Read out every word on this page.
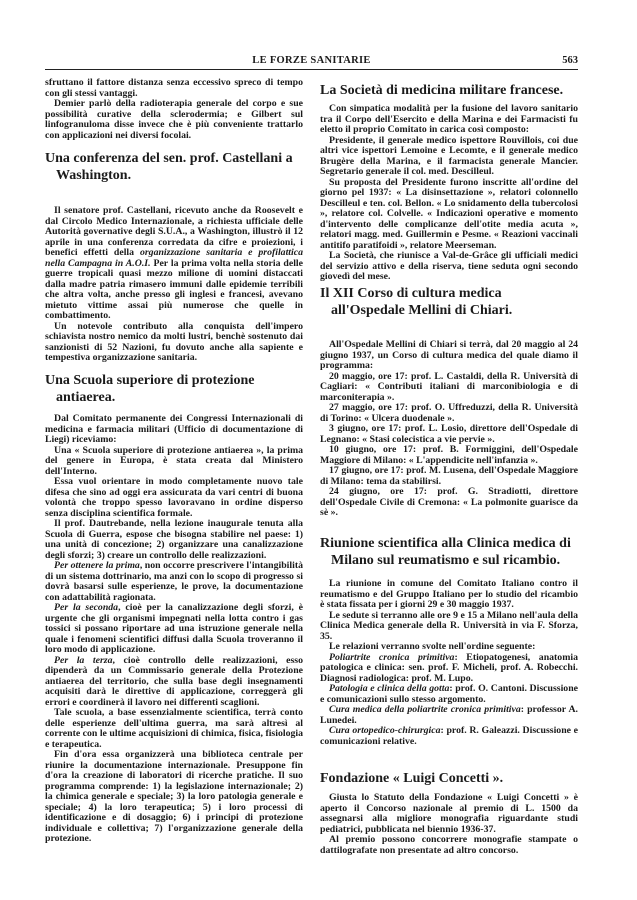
LE FORZE SANITARIE	563

sfruttano il fattore distanza senza eccessivo spreco di tempo con gli stessi vantaggi.

Demier parlò della radioterapia generale del corpo e sue possibilità curative della sclerodermia; e Gilbert sul linfogranuloma disse invece che è più conveniente trattarlo con applicazioni nei diversi focolai.

Una conferenza del sen. prof. Castellani a Washington.

Il senatore prof. Castellani, ricevuto anche da Roosevelt e dal Circolo Medico Internazionale, a richiesta ufficiale delle Autorità governative degli S.U.A., a Washington, illustrò il 12 aprile in una conferenza corredata da cifre e proiezioni, i benefici effetti della organizzazione sanitaria e profilattica nella Campagna in A.O.I. Per la prima volta nella storia delle guerre tropicali quasi mezzo milione di uomini distaccati dalla madre patria rimasero immuni dalle epidemie terribili che altra volta, anche presso gli inglesi e francesi, avevano mietuto vittime assai più numerose che quelle in combattimento.

Un notevole contributo alla conquista dell'impero schiavista nostro nemico da molti lustri, benchè sostenuto dai sanzionisti di 52 Nazioni, fu dovuto anche alla sapiente e tempestiva organizzazione sanitaria.

Una Scuola superiore di protezione antiaerea.

Dal Comitato permanente dei Congressi Internazionali di medicina e farmacia militari (Ufficio di documentazione di Liegi) riceviamo:

Una « Scuola superiore di protezione antiaerea », la prima del genere in Europa, è stata creata dal Ministero dell'Interno.

Essa vuol orientare in modo completamente nuovo tale difesa che sino ad oggi era assicurata da vari centri di buona volontà che troppo spesso lavoravano in ordine disperso senza disciplina scientifica formale.

Il prof. Dautrebande, nella lezione inaugurale tenuta alla Scuola di Guerra, espose che bisogna stabilire nel paese: 1) una unità di concezione; 2) organizzare una canalizzazione degli sforzi; 3) creare un controllo delle realizzazioni.

Per ottenere la prima, non occorre prescrivere l'intangibilità di un sistema dottrinario, ma anzi con lo scopo di progresso si dovrà basarsi sulle esperienze, le prove, la documentazione con adattabilità ragionata.

Per la seconda, cioè per la canalizzazione degli sforzi, è urgente che gli organismi impegnati nella lotta contro i gas tossici si possano riportare ad una istruzione generale nella quale i fenomeni scientifici diffusi dalla Scuola troveranno il loro modo di applicazione.

Per la terza, cioè controllo delle realizzazioni, esso dipenderà da un Commissario generale della Protezione antiaerea del territorio, che sulla base degli insegnamenti acquisiti darà le direttive di applicazione, correggerà gli errori e coordinerà il lavoro nei differenti scaglioni.

Tale scuola, a base essenzialmente scientifica, terrà conto delle esperienze dell'ultima guerra, ma sarà altresì al corrente con le ultime acquisizioni di chimica, fisica, fisiologia e terapeutica.

Fin d'ora essa organizzerà una biblioteca centrale per riunire la documentazione internazionale. Presuppone fin d'ora la creazione di laboratori di ricerche pratiche. Il suo programma comprende: 1) la legislazione internazionale; 2) la chimica generale e speciale; 3) la loro patologia generale e speciale; 4) la loro terapeutica; 5) i loro processi di identificazione e di dosaggio; 6) i principi di protezione individuale e collettiva; 7) l'organizzazione generale della protezione.

La Società di medicina militare francese.

Con simpatica modalità per la fusione del lavoro sanitario tra il Corpo dell'Esercito e della Marina e dei Farmacisti fu eletto il proprio Comitato in carica così composto:

Presidente, il generale medico ispettore Rouvillois, coi due altri vice ispettori Lemoine e Lecomte, e il generale medico Brugère della Marina, e il farmacista generale Mancier. Segretario generale il col. med. Descilleul.

Su proposta del Presidente furono inscritte all'ordine del giorno pel 1937: « La disinsettazione », relatori colonnello Descilleul e ten. col. Bellon. « Lo snidamento della tubercolosi », relatore col. Colvelle. « Indicazioni operative e momento d'intervento delle complicanze dell'otite media acuta », relatori magg. med. Guillermin e Pesme. « Reazioni vaccinali antitifo paratifoidi », relatore Meerseman.

La Società, che riunisce a Val-de-Grâce gli ufficiali medici del servizio attivo e della riserva, tiene seduta ogni secondo giovedì del mese.

Il XII Corso di cultura medica all'Ospedale Mellini di Chiari.

All'Ospedale Mellini di Chiari si terrà, dal 20 maggio al 24 giugno 1937, un Corso di cultura medica del quale diamo il programma:

20 maggio, ore 17: prof. L. Castaldi, della R. Università di Cagliari: « Contributi italiani di marconibiologia e di marconiterapia ».

27 maggio, ore 17: prof. O. Uffreduzzi, della R. Università di Torino: « Ulcera duodenale ».

3 giugno, ore 17: prof. L. Losio, direttore dell'Ospedale di Legnano: « Stasi colecistica a vie pervie ».

10 giugno, ore 17: prof. B. Formiggini, dell'Ospedale Maggiore di Milano: « L'appendicite nell'infanzia ».

17 giugno, ore 17: prof. M. Lusena, dell'Ospedale Maggiore di Milano: tema da stabilirsi.

24 giugno, ore 17: prof. G. Stradiotti, direttore dell'Ospedale Civile di Cremona: « La polmonite guarisce da sè ».

Riunione scientifica alla Clinica medica di Milano sul reumatismo e sul ricambio.

La riunione in comune del Comitato Italiano contro il reumatismo e del Gruppo Italiano per lo studio del ricambio è stata fissata per i giorni 29 e 30 maggio 1937.

Le sedute si terranno alle ore 9 e 15 a Milano nell'aula della Clinica Medica generale della R. Università in via F. Sforza, 35.

Le relazioni verranno svolte nell'ordine seguente:

Poliartrite cronica primitiva: Etiopatogenesi, anatomia patologica e clinica: sen. prof. F. Micheli, prof. A. Robecchi. Diagnosi radiologica: prof. M. Lupo.

Patologia e clinica della gotta: prof. O. Cantoni. Discussione e comunicazioni sullo stesso argomento.

Cura medica della poliartrite cronica primitiva: professor A. Lunedei.

Cura ortopedico-chirurgica: prof. R. Galeazzi. Discussione e comunicazioni relative.

Fondazione « Luigi Concetti ».

Giusta lo Statuto della Fondazione « Luigi Concetti » è aperto il Concorso nazionale al premio di L. 1500 da assegnarsi alla migliore monografia riguardante studi pediatrici, pubblicata nel biennio 1936-37.

Al premio possono concorrere monografie stampate o dattilografate non presentate ad altro concorso.
